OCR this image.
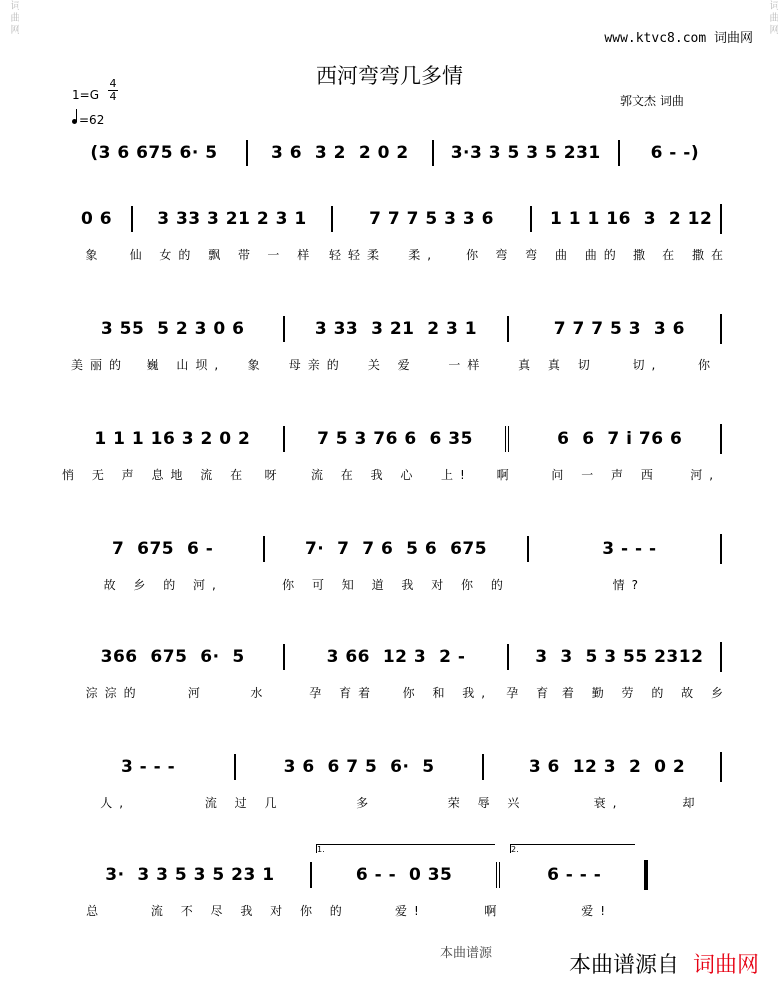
词曲网	词曲网
www.ktvc8.com 词曲网
西河弯弯几多情
1=G
4
4
=62
郭文杰 词曲
(3 6 675 6· 5	3 6  3 2  2 0 2	3·3 3 5 3 5 231	6 - -)
0 6	3 33 3 21 2 3 1	7 7 7 5 3 3 6	1 1 1 16  3  2 12
象	仙 女的 飘 带 一 样	轻轻柔	柔,	你 弯 弯 曲 曲的 撒 在 撒在
3 55  5 2 3 0 6	3 33  3 21  2 3 1	7 7 7 5 3  3 6
美丽的	巍 山坝,	象	母亲的	关 爱	一样	真 真 切	切,	你
1 1 1 16 3 2 0 2	7 5 3 76 6  6 35	6  6  7 i 76 6
悄 无 声 息地 流 在	呀	流 在 我 心	上!	啊	问 一 声 西	河,
7  675  6 -	7·  7  7 6  5 6  675	3 - - -
故 乡 的 河,	你 可 知 道 我 对 你 的	情?
366  675  6·  5	3 66  12 3  2 -	3  3  5 3 55 2312
淙淙的	河	水	孕 育着	你 和 我,	孕 育 着 勤 劳 的 故 乡
3 - - -	3 6  6 7 5  6·  5	3 6  12 3  2  0 2
人,	流 过 几	多	荣 辱 兴	衰,	却
1.	2.
3·  3 3 5 3 5 23 1	6 - -  0 35	6 - - -
总	流 不 尽 我 对 你 的	爱!	啊	爱!
本曲谱源	本曲谱源自 词曲网
